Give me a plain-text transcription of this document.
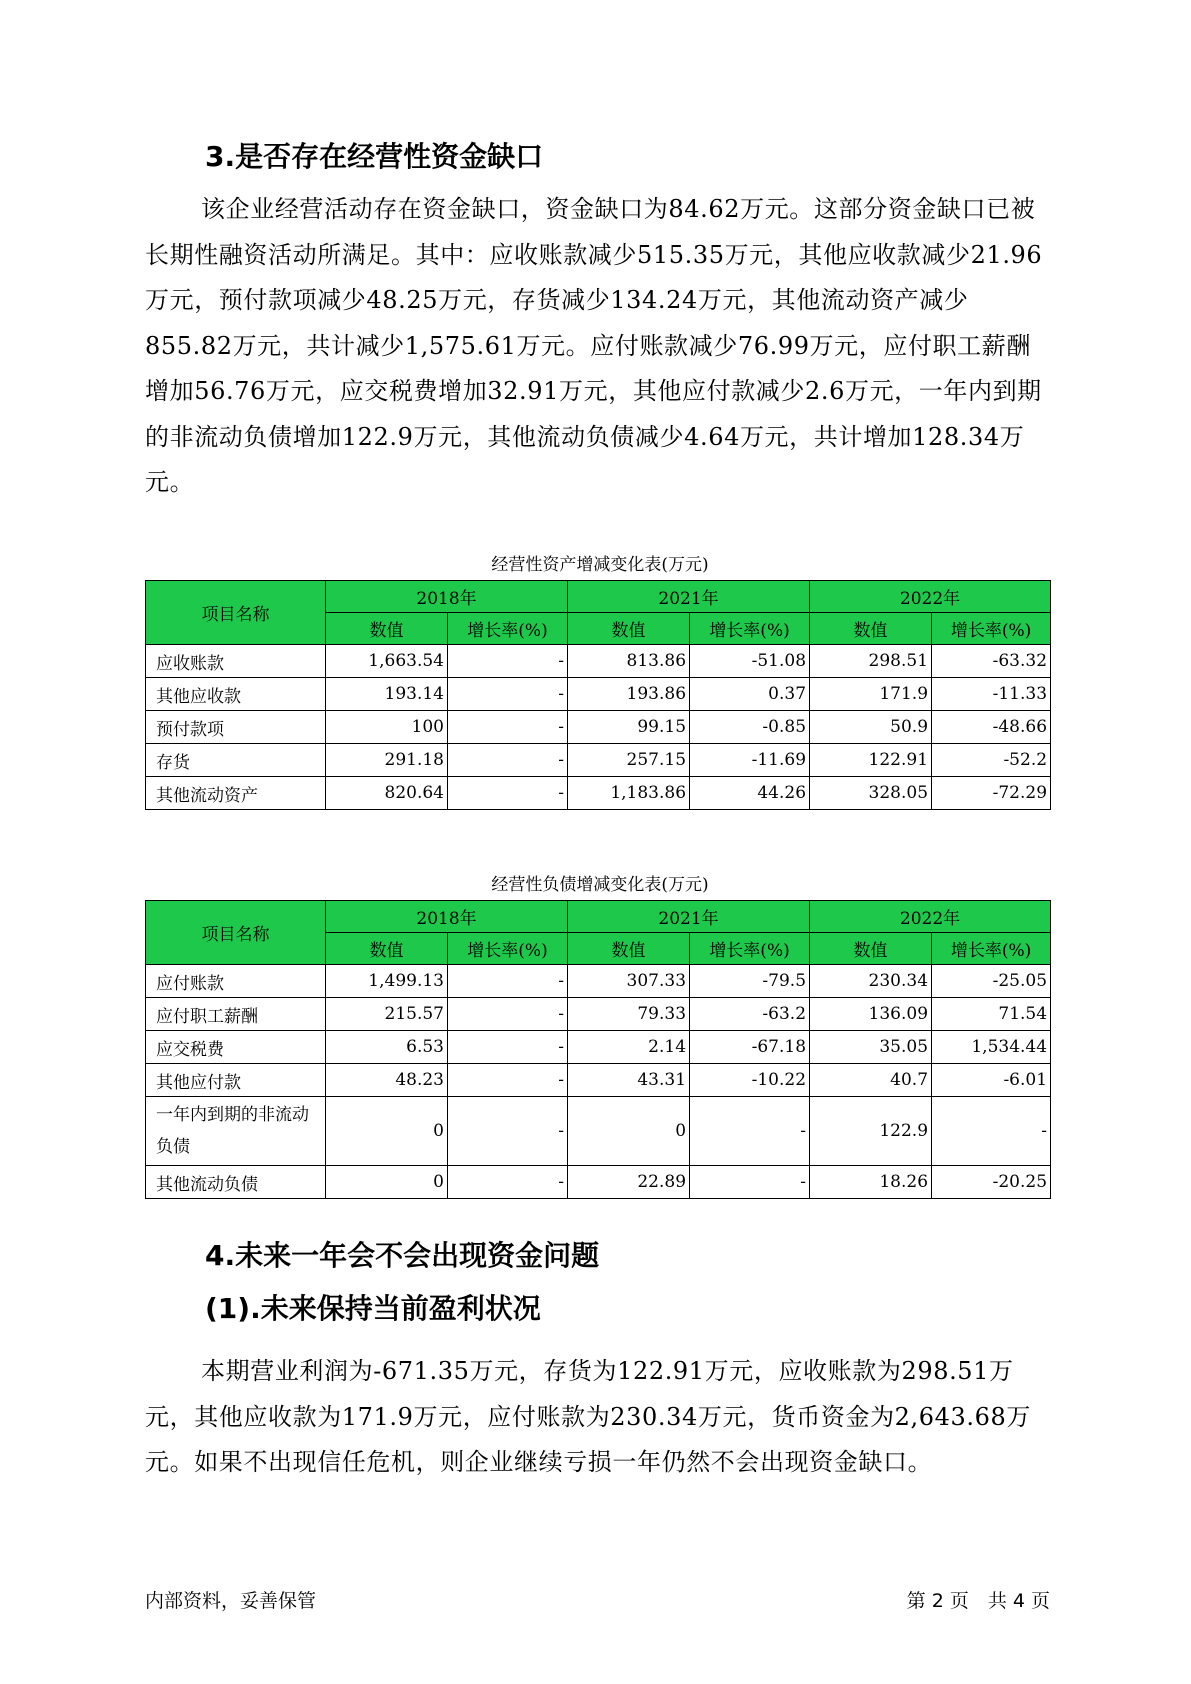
3.是否存在经营性资金缺口

该企业经营活动存在资金缺口，资金缺口为84.62万元。这部分资金缺口已被长期性融资活动所满足。其中：应收账款减少515.35万元，其他应收款减少21.96万元，预付款项减少48.25万元，存货减少134.24万元，其他流动资产减少855.82万元，共计减少1,575.61万元。应付账款减少76.99万元，应付职工薪酬增加56.76万元，应交税费增加32.91万元，其他应付款减少2.6万元，一年内到期的非流动负债增加122.9万元，其他流动负债减少4.64万元，共计增加128.34万元。

经营性资产增减变化表(万元)
项目名称	2018年		2021年		2022年	
	数值	增长率(%)	数值	增长率(%)	数值	增长率(%)
应收账款	1,663.54	-	813.86	-51.08	298.51	-63.32
其他应收款	193.14	-	193.86	0.37	171.9	-11.33
预付款项	100	-	99.15	-0.85	50.9	-48.66
存货	291.18	-	257.15	-11.69	122.91	-52.2
其他流动资产	820.64	-	1,183.86	44.26	328.05	-72.29
经营性负债增减变化表(万元)
项目名称	2018年		2021年		2022年	
	数值	增长率(%)	数值	增长率(%)	数值	增长率(%)
应付账款	1,499.13	-	307.33	-79.5	230.34	-25.05
应付职工薪酬	215.57	-	79.33	-63.2	136.09	71.54
应交税费	6.53	-	2.14	-67.18	35.05	1,534.44
其他应付款	48.23	-	43.31	-10.22	40.7	-6.01
一年内到期的非流动负债	0	-	0	-	122.9	-
其他流动负债	0	-	22.89	-	18.26	-20.25
4.未来一年会不会出现资金问题
(1).未来保持当前盈利状况

本期营业利润为-671.35万元，存货为122.91万元，应收账款为298.51万元，其他应收款为171.9万元，应付账款为230.34万元，货币资金为2,643.68万元。如果不出现信任危机，则企业继续亏损一年仍然不会出现资金缺口。

内部资料，妥善保管	第 2 页　共 4 页
